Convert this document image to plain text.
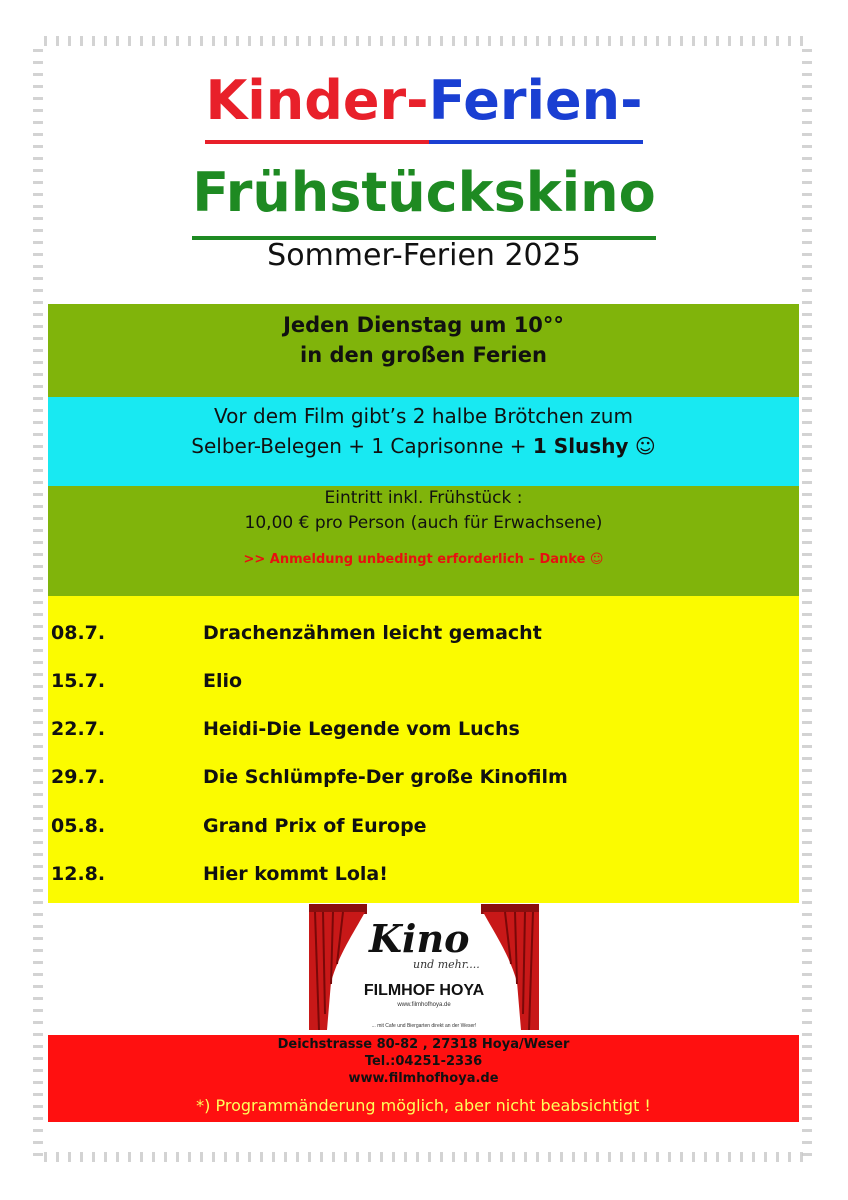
Kinder-Ferien-
Frühstückskino
Sommer-Ferien 2025
Jeden Dienstag um 10°°
in den großen Ferien
Vor dem Film gibt’s 2 halbe Brötchen zum
Selber-Belegen + 1 Caprisonne + 1 Slushy ☺
Eintritt inkl. Frühstück :
10,00 € pro Person (auch für Erwachsene)
>> Anmeldung unbedingt erforderlich – Danke ☺
08.7.	Drachenzähmen leicht gemacht
15.7.	Elio
22.7.	Heidi-Die Legende vom Luchs
29.7.	Die Schlümpfe-Der große Kinofilm
05.8.	Grand Prix of Europe
12.8.	Hier kommt Lola!
Kino
und mehr....
FILMHOF HOYA
www.filmhofhoya.de
... mit Cafe und Biergarten direkt an der Weser!
Deichstrasse 80-82 , 27318 Hoya/Weser
Tel.:04251-2336
www.filmhofhoya.de
*) Programmänderung möglich, aber nicht beabsichtigt !
